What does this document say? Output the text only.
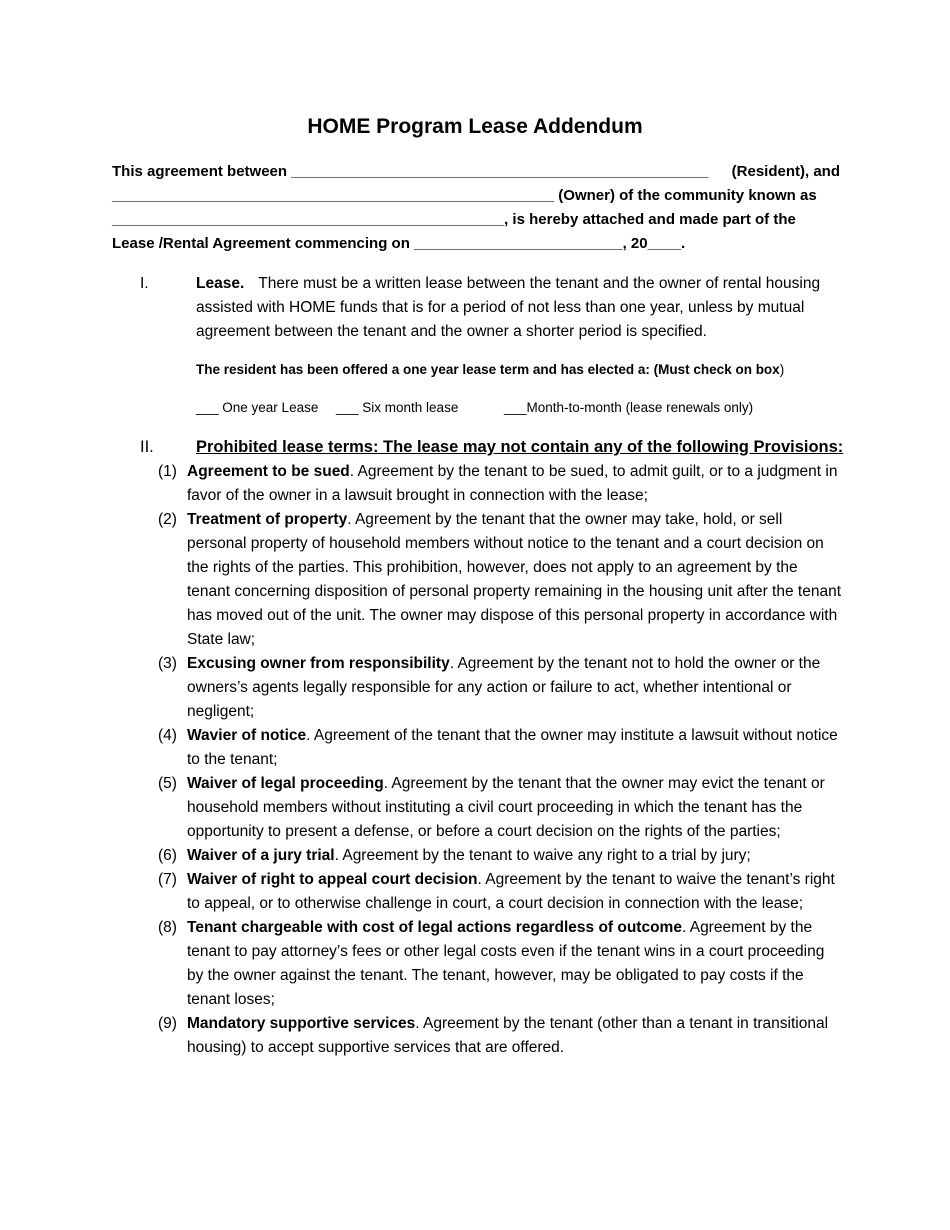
HOME Program Lease Addendum
This agreement between __________________________________________________ (Resident), and
_____________________________________________________ (Owner) of the community known as
_______________________________________________, is hereby attached and made part of the
Lease /Rental Agreement commencing on _________________________, 20____.
I.	Lease. There must be a written lease between the tenant and the owner of rental housing assisted with HOME funds that is for a period of not less than one year, unless by mutual agreement between the tenant and the owner a shorter period is specified.
The resident has been offered a one year lease term and has elected a: (Must check on box)
___ One year Lease ___ Six month lease	___Month-to-month (lease renewals only)
II.	Prohibited lease terms: The lease may not contain any of the following Provisions:
(1) Agreement to be sued. Agreement by the tenant to be sued, to admit guilt, or to a judgment in favor of the owner in a lawsuit brought in connection with the lease;
(2) Treatment of property. Agreement by the tenant that the owner may take, hold, or sell personal property of household members without notice to the tenant and a court decision on the rights of the parties. This prohibition, however, does not apply to an agreement by the tenant concerning disposition of personal property remaining in the housing unit after the tenant has moved out of the unit. The owner may dispose of this personal property in accordance with State law;
(3) Excusing owner from responsibility. Agreement by the tenant not to hold the owner or the owners’s agents legally responsible for any action or failure to act, whether intentional or negligent;
(4) Wavier of notice. Agreement of the tenant that the owner may institute a lawsuit without notice to the tenant;
(5) Waiver of legal proceeding. Agreement by the tenant that the owner may evict the tenant or household members without instituting a civil court proceeding in which the tenant has the opportunity to present a defense, or before a court decision on the rights of the parties;
(6) Waiver of a jury trial. Agreement by the tenant to waive any right to a trial by jury;
(7) Waiver of right to appeal court decision. Agreement by the tenant to waive the tenant’s right to appeal, or to otherwise challenge in court, a court decision in connection with the lease;
(8) Tenant chargeable with cost of legal actions regardless of outcome. Agreement by the tenant to pay attorney’s fees or other legal costs even if the tenant wins in a court proceeding by the owner against the tenant. The tenant, however, may be obligated to pay costs if the tenant loses;
(9) Mandatory supportive services. Agreement by the tenant (other than a tenant in transitional housing) to accept supportive services that are offered.
